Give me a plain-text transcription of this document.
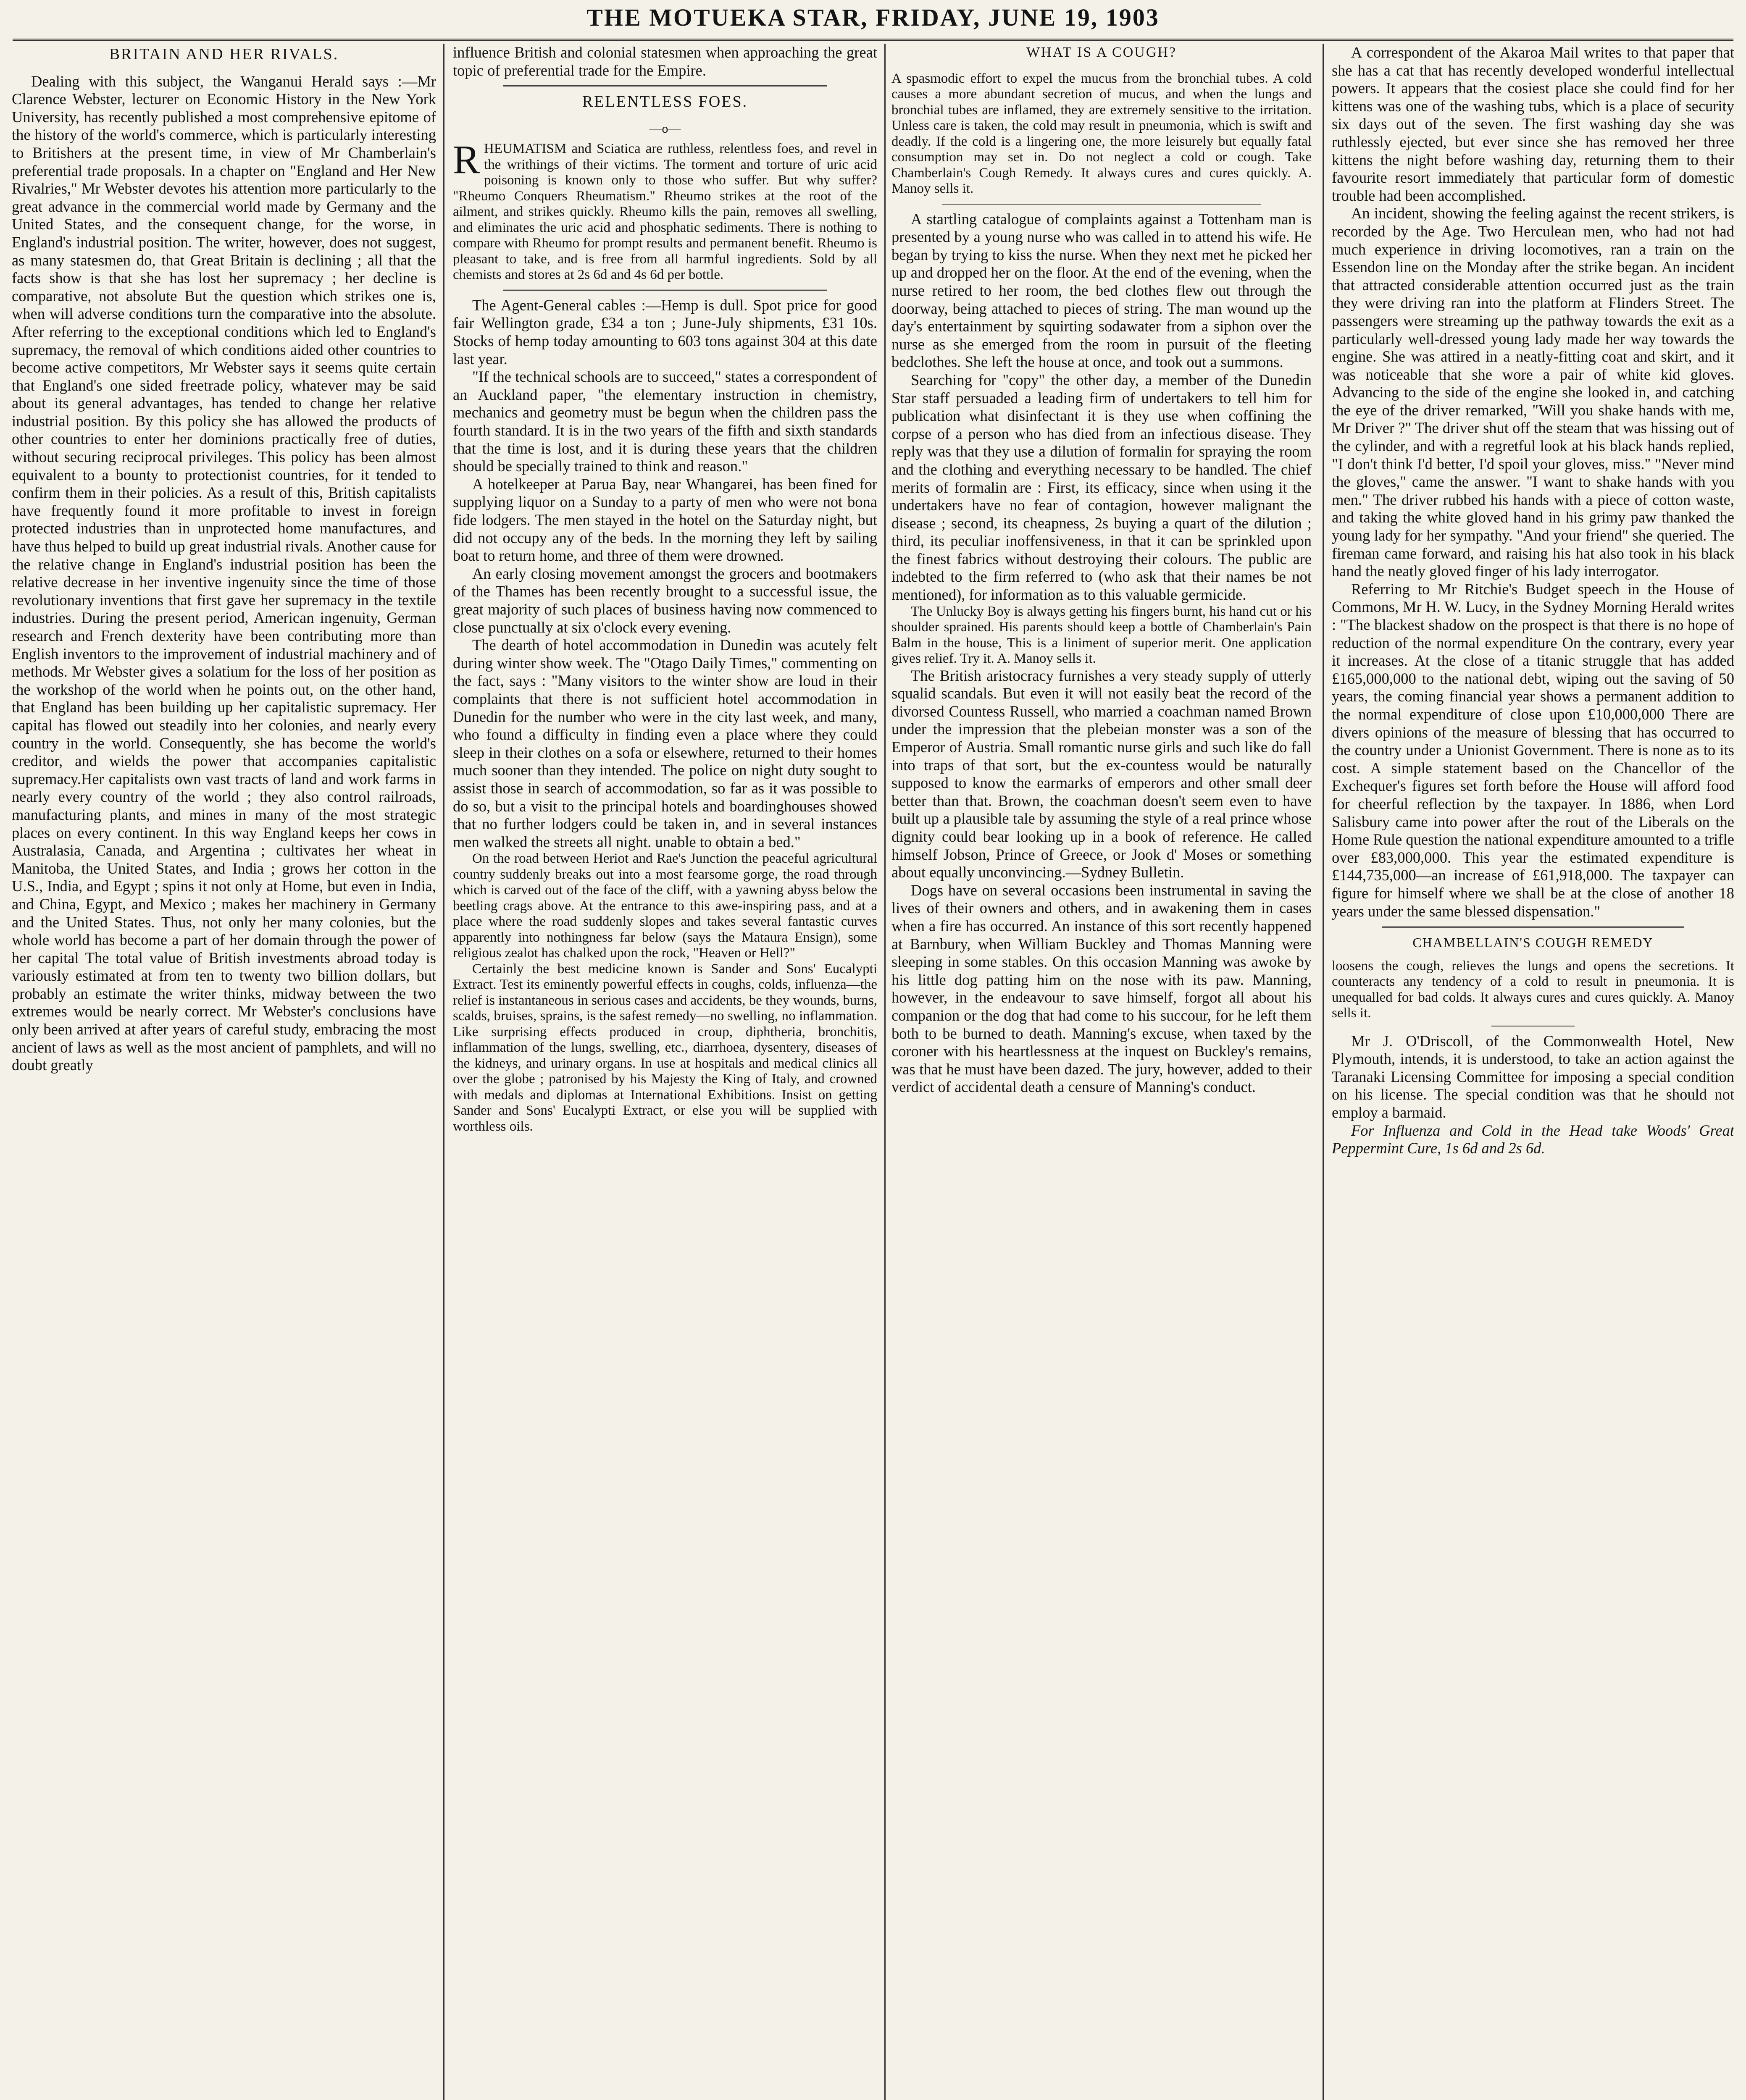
THE MOTUEKA STAR, FRIDAY, JUNE 19, 1903
BRITAIN AND HER RIVALS.

Dealing with this subject, the Wanganui Herald says :—Mr Clarence Webster, lecturer on Economic History in the New York University, has recently published a most comprehensive epitome of the history of the world's commerce, which is particularly interesting to Britishers at the present time, in view of Mr Chamberlain's preferential trade proposals. In a chapter on "England and Her New Rivalries," Mr Webster devotes his attention more particularly to the great advance in the commercial world made by Germany and the United States, and the consequent change, for the worse, in England's industrial position. The writer, however, does not suggest, as many statesmen do, that Great Britain is declining ; all that the facts show is that she has lost her supremacy ; her decline is comparative, not absolute But the question which strikes one is, when will adverse conditions turn the comparative into the absolute. After referring to the exceptional conditions which led to England's supremacy, the removal of which conditions aided other countries to become active competitors, Mr Webster says it seems quite certain that England's one sided freetrade policy, whatever may be said about its general advantages, has tended to change her relative industrial position. By this policy she has allowed the products of other countries to enter her dominions practically free of duties, without securing reciprocal privileges. This policy has been almost equivalent to a bounty to protectionist countries, for it tended to confirm them in their policies. As a result of this, British capitalists have frequently found it more profitable to invest in foreign protected industries than in unprotected home manufactures, and have thus helped to build up great industrial rivals. Another cause for the relative change in England's industrial position has been the relative decrease in her inventive ingenuity since the time of those revolutionary inventions that first gave her supremacy in the textile industries. During the present period, American ingenuity, German research and French dexterity have been contributing more than English inventors to the improvement of industrial machinery and of methods. Mr Webster gives a solatium for the loss of her position as the workshop of the world when he points out, on the other hand, that England has been building up her capitalistic supremacy. Her capital has flowed out steadily into her colonies, and nearly every country in the world. Consequently, she has become the world's creditor, and wields the power that accompanies capitalistic supremacy.Her capitalists own vast tracts of land and work farms in nearly every country of the world ; they also control railroads, manufacturing plants, and mines in many of the most strategic places on every continent. In this way England keeps her cows in Australasia, Canada, and Argentina ; cultivates her wheat in Manitoba, the United States, and India ; grows her cotton in the U.S., India, and Egypt ; spins it not only at Home, but even in India, and China, Egypt, and Mexico ; makes her machinery in Germany and the United States. Thus, not only her many colonies, but the whole world has become a part of her domain through the power of her capital The total value of British investments abroad today is variously estimated at from ten to twenty two billion dollars, but probably an estimate the writer thinks, midway between the two extremes would be nearly correct. Mr Webster's conclusions have only been arrived at after years of careful study, embracing the most ancient of laws as well as the most ancient of pamphlets, and will no doubt greatly

influence British and colonial statesmen when approaching the great topic of preferential trade for the Empire.

RELENTLESS FOES.

—o—

R HEUMATISM and Sciatica are ruthless, relentless foes, and revel in the writhings of their victims. The torment and torture of uric acid poisoning is known only to those who suffer. But why suffer? "Rheumo Conquers Rheumatism." Rheumo strikes at the root of the ailment, and strikes quickly. Rheumo kills the pain, removes all swelling, and eliminates the uric acid and phosphatic sediments. There is nothing to compare with Rheumo for prompt results and permanent benefit. Rheumo is pleasant to take, and is free from all harmful ingredients. Sold by all chemists and stores at 2s 6d and 4s 6d per bottle.

The Agent-General cables :—Hemp is dull. Spot price for good fair Wellington grade, £34 a ton ; June-July shipments, £31 10s. Stocks of hemp today amounting to 603 tons against 304 at this date last year.

"If the technical schools are to succeed," states a correspondent of an Auckland paper, "the elementary instruction in chemistry, mechanics and geometry must be begun when the children pass the fourth standard. It is in the two years of the fifth and sixth standards that the time is lost, and it is during these years that the children should be specially trained to think and reason."

A hotelkeeper at Parua Bay, near Whangarei, has been fined for supplying liquor on a Sunday to a party of men who were not bona fide lodgers. The men stayed in the hotel on the Saturday night, but did not occupy any of the beds. In the morning they left by sailing boat to return home, and three of them were drowned.

An early closing movement amongst the grocers and bootmakers of the Thames has been recently brought to a successful issue, the great majority of such places of business having now commenced to close punctually at six o'clock every evening.

The dearth of hotel accommodation in Dunedin was acutely felt during winter show week. The "Otago Daily Times," commenting on the fact, says : "Many visitors to the winter show are loud in their complaints that there is not sufficient hotel accommodation in Dunedin for the number who were in the city last week, and many, who found a difficulty in finding even a place where they could sleep in their clothes on a sofa or elsewhere, returned to their homes much sooner than they intended. The police on night duty sought to assist those in search of accommodation, so far as it was possible to do so, but a visit to the principal hotels and boardinghouses showed that no further lodgers could be taken in, and in several instances men walked the streets all night. unable to obtain a bed."

On the road between Heriot and Rae's Junction the peaceful agricultural country suddenly breaks out into a most fearsome gorge, the road through which is carved out of the face of the cliff, with a yawning abyss below the beetling crags above. At the entrance to this awe-inspiring pass, and at a place where the road suddenly slopes and takes several fantastic curves apparently into nothingness far below (says the Mataura Ensign), some religious zealot has chalked upon the rock, "Heaven or Hell?"

Certainly the best medicine known is Sander and Sons' Eucalypti Extract. Test its eminently powerful effects in coughs, colds, influenza—the relief is instantaneous in serious cases and accidents, be they wounds, burns, scalds, bruises, sprains, is the safest remedy—no swelling, no inflammation. Like surprising effects produced in croup, diphtheria, bronchitis, inflammation of the lungs, swelling, etc., diarrhoea, dysentery, diseases of the kidneys, and urinary organs. In use at hospitals and medical clinics all over the globe ; patronised by his Majesty the King of Italy, and crowned with medals and diplomas at International Exhibitions. Insist on getting Sander and Sons' Eucalypti Extract, or else you will be supplied with worthless oils.

WHAT IS A COUGH?

A spasmodic effort to expel the mucus from the bronchial tubes. A cold causes a more abundant secretion of mucus, and when the lungs and bronchial tubes are inflamed, they are extremely sensitive to the irritation. Unless care is taken, the cold may result in pneumonia, which is swift and deadly. If the cold is a lingering one, the more leisurely but equally fatal consumption may set in. Do not neglect a cold or cough. Take Chamberlain's Cough Remedy. It always cures and cures quickly. A. Manoy sells it.

A startling catalogue of complaints against a Tottenham man is presented by a young nurse who was called in to attend his wife. He began by trying to kiss the nurse. When they next met he picked her up and dropped her on the floor. At the end of the evening, when the nurse retired to her room, the bed clothes flew out through the doorway, being attached to pieces of string. The man wound up the day's entertainment by squirting sodawater from a siphon over the nurse as she emerged from the room in pursuit of the fleeting bedclothes. She left the house at once, and took out a summons.

Searching for "copy" the other day, a member of the Dunedin Star staff persuaded a leading firm of undertakers to tell him for publication what disinfectant it is they use when coffining the corpse of a person who has died from an infectious disease. They reply was that they use a dilution of formalin for spraying the room and the clothing and everything necessary to be handled. The chief merits of formalin are : First, its efficacy, since when using it the undertakers have no fear of contagion, however malignant the disease ; second, its cheapness, 2s buying a quart of the dilution ; third, its peculiar inoffensiveness, in that it can be sprinkled upon the finest fabrics without destroying their colours. The public are indebted to the firm referred to (who ask that their names be not mentioned), for information as to this valuable germicide.

The Unlucky Boy is always getting his fingers burnt, his hand cut or his shoulder sprained. His parents should keep a bottle of Chamberlain's Pain Balm in the house, This is a liniment of superior merit. One application gives relief. Try it. A. Manoy sells it.

The British aristocracy furnishes a very steady supply of utterly squalid scandals. But even it will not easily beat the record of the divorsed Countess Russell, who married a coachman named Brown under the impression that the plebeian monster was a son of the Emperor of Austria. Small romantic nurse girls and such like do fall into traps of that sort, but the ex-countess would be naturally supposed to know the earmarks of emperors and other small deer better than that. Brown, the coachman doesn't seem even to have built up a plausible tale by assuming the style of a real prince whose dignity could bear looking up in a book of reference. He called himself Jobson, Prince of Greece, or Jook d' Moses or something about equally unconvincing.—Sydney Bulletin.

Dogs have on several occasions been instrumental in saving the lives of their owners and others, and in awakening them in cases when a fire has occurred. An instance of this sort recently happened at Barnbury, when William Buckley and Thomas Manning were sleeping in some stables. On this occasion Manning was awoke by his little dog patting him on the nose with its paw. Manning, however, in the endeavour to save himself, forgot all about his companion or the dog that had come to his succour, for he left them both to be burned to death. Manning's excuse, when taxed by the coroner with his heartlessness at the inquest on Buckley's remains, was that he must have been dazed. The jury, however, added to their verdict of accidental death a censure of Manning's conduct.

A correspondent of the Akaroa Mail writes to that paper that she has a cat that has recently developed wonderful intellectual powers. It appears that the cosiest place she could find for her kittens was one of the washing tubs, which is a place of security six days out of the seven. The first washing day she was ruthlessly ejected, but ever since she has removed her three kittens the night before washing day, returning them to their favourite resort immediately that particular form of domestic trouble had been accomplished.

An incident, showing the feeling against the recent strikers, is recorded by the Age. Two Herculean men, who had not had much experience in driving locomotives, ran a train on the Essendon line on the Monday after the strike began. An incident that attracted considerable attention occurred just as the train they were driving ran into the platform at Flinders Street. The passengers were streaming up the pathway towards the exit as a particularly well-dressed young lady made her way towards the engine. She was attired in a neatly-fitting coat and skirt, and it was noticeable that she wore a pair of white kid gloves. Advancing to the side of the engine she looked in, and catching the eye of the driver remarked, "Will you shake hands with me, Mr Driver ?" The driver shut off the steam that was hissing out of the cylinder, and with a regretful look at his black hands replied, "I don't think I'd better, I'd spoil your gloves, miss." "Never mind the gloves," came the answer. "I want to shake hands with you men." The driver rubbed his hands with a piece of cotton waste, and taking the white gloved hand in his grimy paw thanked the young lady for her sympathy. "And your friend" she queried. The fireman came forward, and raising his hat also took in his black hand the neatly gloved finger of his lady interrogator.

Referring to Mr Ritchie's Budget speech in the House of Commons, Mr H. W. Lucy, in the Sydney Morning Herald writes : "The blackest shadow on the prospect is that there is no hope of reduction of the normal expenditure On the contrary, every year it increases. At the close of a titanic struggle that has added £165,000,000 to the national debt, wiping out the saving of 50 years, the coming financial year shows a permanent addition to the normal expenditure of close upon £10,000,000 There are divers opinions of the measure of blessing that has occurred to the country under a Unionist Government. There is none as to its cost. A simple statement based on the Chancellor of the Exchequer's figures set forth before the House will afford food for cheerful reflection by the taxpayer. In 1886, when Lord Salisbury came into power after the rout of the Liberals on the Home Rule question the national expenditure amounted to a trifle over £83,000,000. This year the estimated expenditure is £144,735,000—an increase of £61,918,000. The taxpayer can figure for himself where we shall be at the close of another 18 years under the same blessed dispensation."

CHAMBELLAIN'S COUGH REMEDY

loosens the cough, relieves the lungs and opens the secretions. It counteracts any tendency of a cold to result in pneumonia. It is unequalled for bad colds. It always cures and cures quickly. A. Manoy sells it.

Mr J. O'Driscoll, of the Commonwealth Hotel, New Plymouth, intends, it is understood, to take an action against the Taranaki Licensing Committee for imposing a special condition on his license. The special condition was that he should not employ a barmaid.

For Influenza and Cold in the Head take Woods' Great Peppermint Cure, 1s 6d and 2s 6d.
